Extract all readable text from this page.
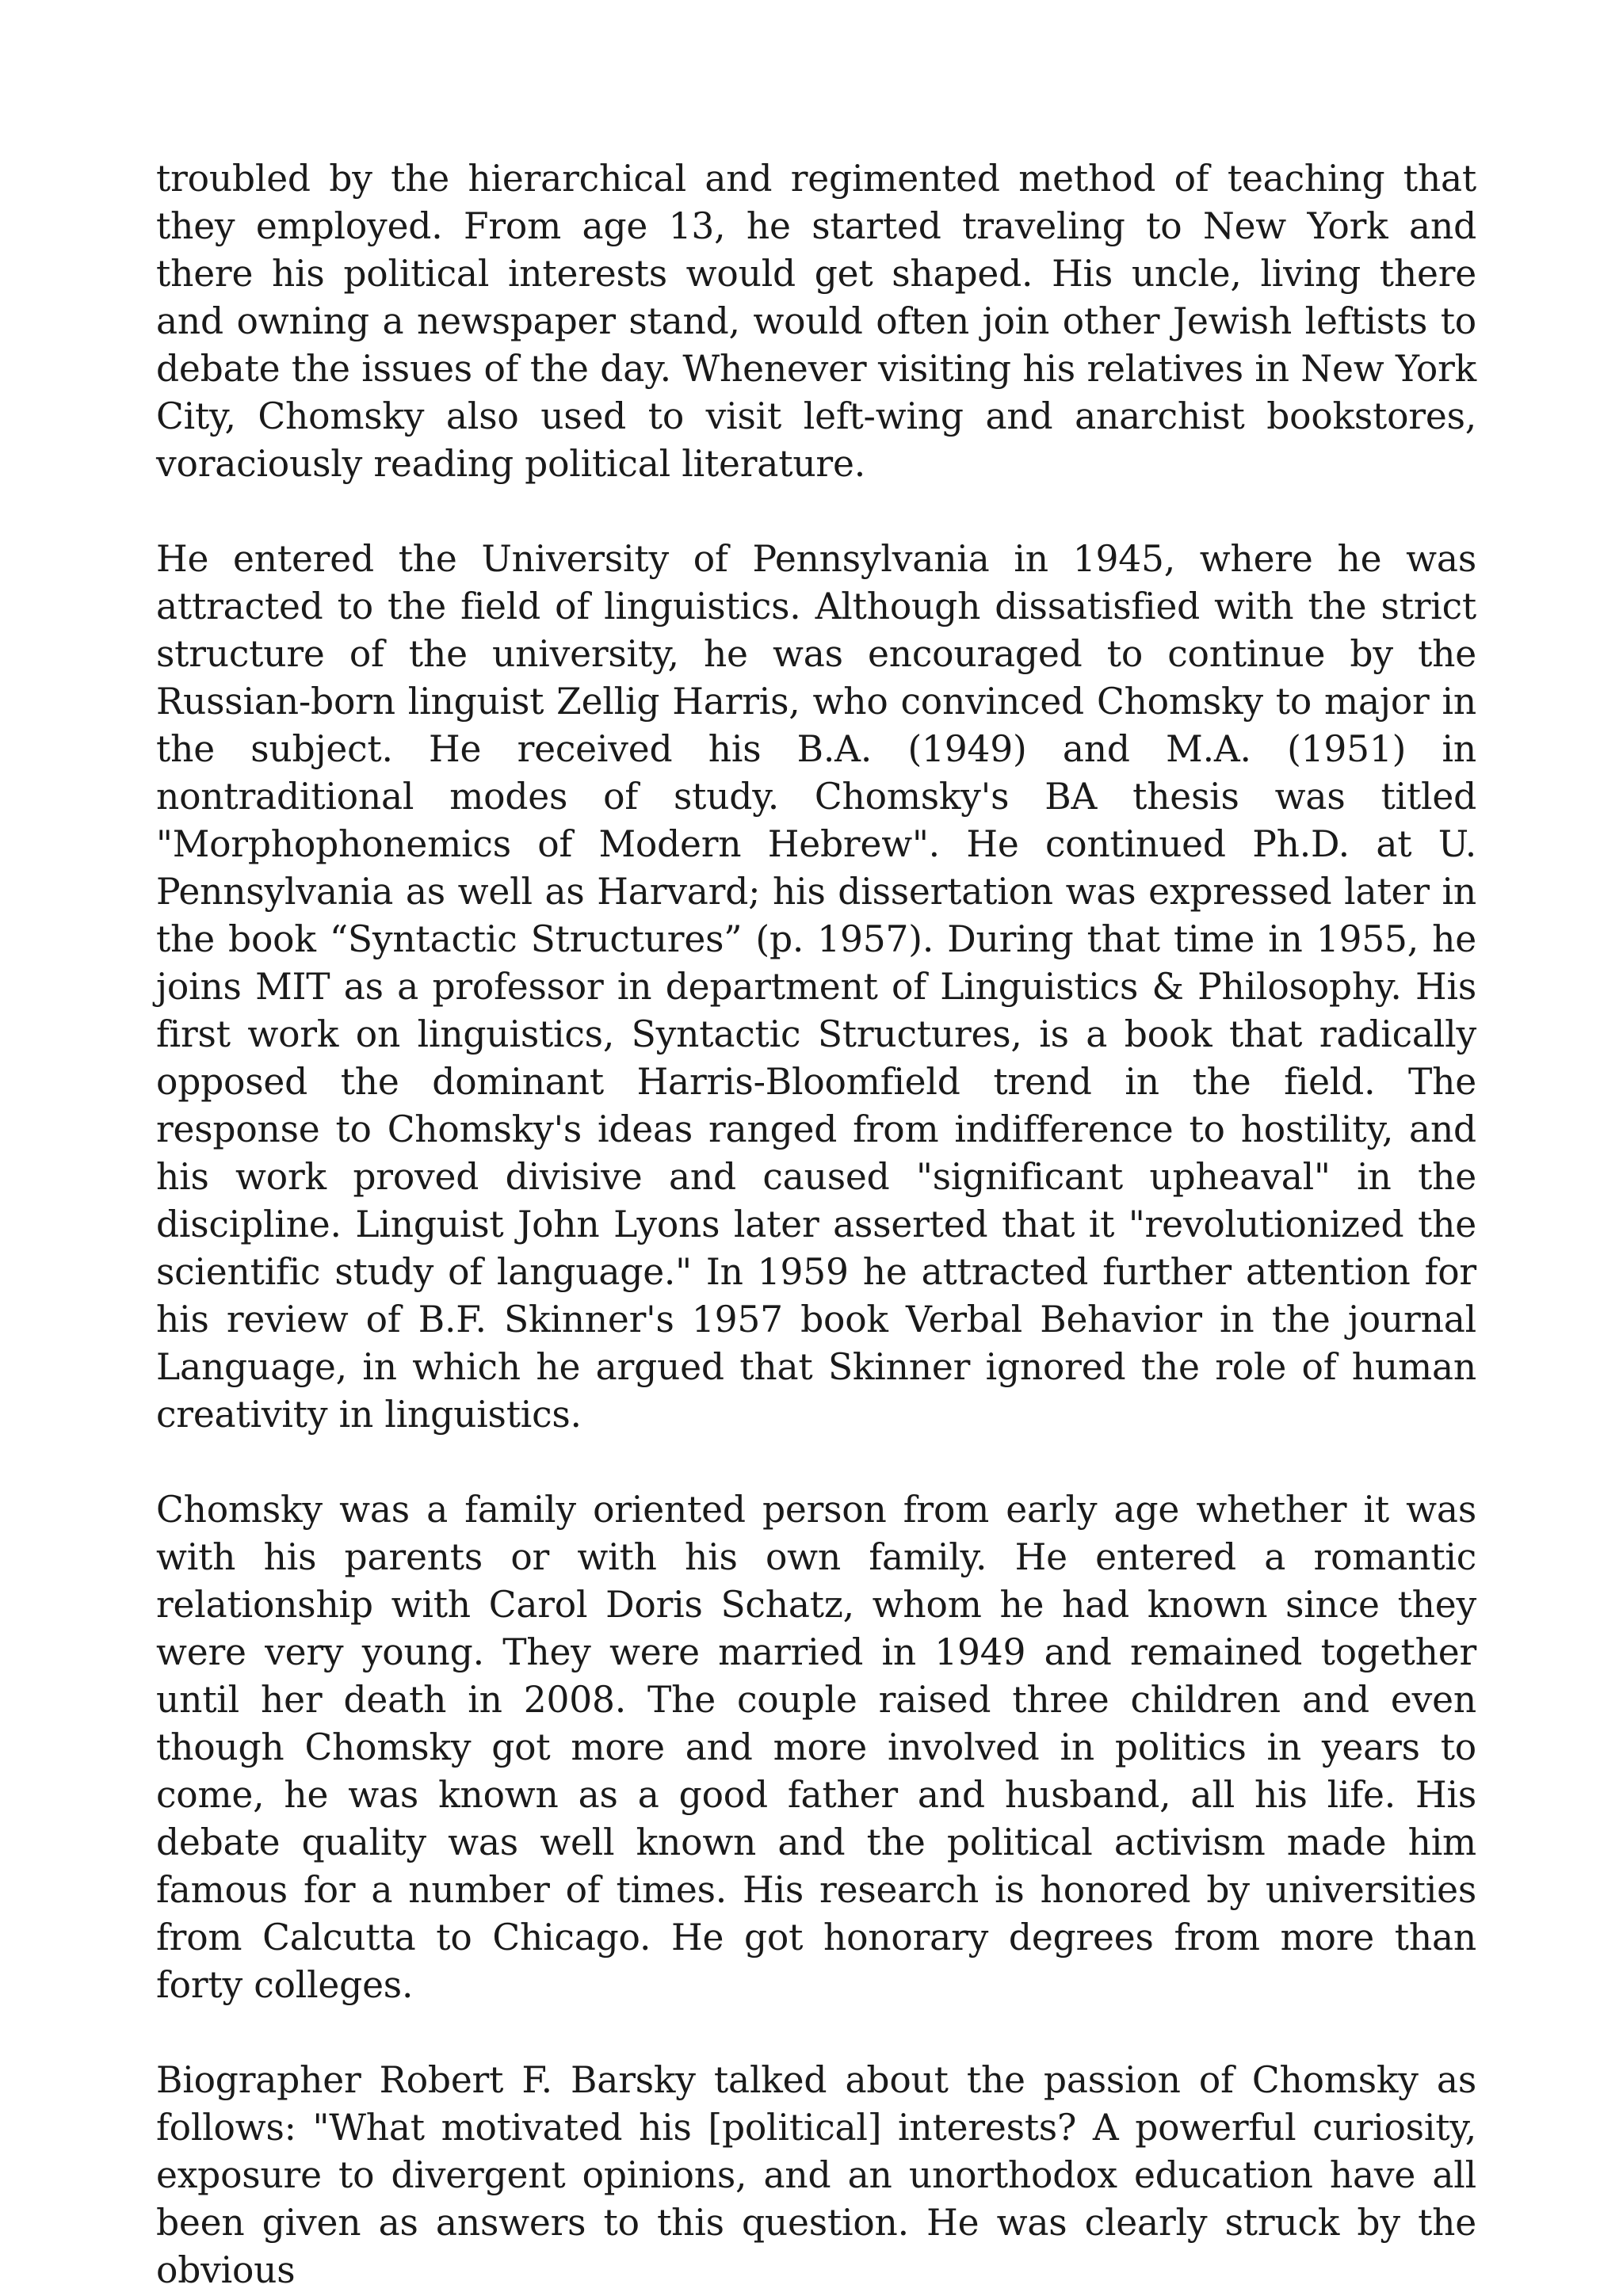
troubled by the hierarchical and regimented method of teaching that they employed. From age 13, he started traveling to New York and there his political interests would get shaped. His uncle, living there and owning a newspaper stand, would often join other Jewish leftists to debate the issues of the day. Whenever visiting his relatives in New York City, Chomsky also used to visit left-wing and anarchist bookstores, voraciously reading political literature.

He entered the University of Pennsylvania in 1945, where he was attracted to the field of linguistics. Although dissatisfied with the strict structure of the university, he was encouraged to continue by the Russian-born linguist Zellig Harris, who convinced Chomsky to major in the subject. He received his B.A. (1949) and M.A. (1951) in nontraditional modes of study. Chomsky's BA thesis was titled "Morphophonemics of Modern Hebrew". He continued Ph.D. at U. Pennsylvania as well as Harvard; his dissertation was expressed later in the book “Syntactic Structures” (p. 1957). During that time in 1955, he joins MIT as a professor in department of Linguistics & Philosophy. His first work on linguistics, Syntactic Structures, is a book that radically opposed the dominant Harris-Bloomfield trend in the field. The response to Chomsky's ideas ranged from indifference to hostility, and his work proved divisive and caused "significant upheaval" in the discipline. Linguist John Lyons later asserted that it "revolutionized the scientific study of language." In 1959 he attracted further attention for his review of B.F. Skinner's 1957 book Verbal Behavior in the journal Language, in which he argued that Skinner ignored the role of human creativity in linguistics.

Chomsky was a family oriented person from early age whether it was with his parents or with his own family. He entered a romantic relationship with Carol Doris Schatz, whom he had known since they were very young. They were married in 1949 and remained together until her death in 2008. The couple raised three children and even though Chomsky got more and more involved in politics in years to come, he was known as a good father and husband, all his life. His debate quality was well known and the political activism made him famous for a number of times. His research is honored by universities from Calcutta to Chicago. He got honorary degrees from more than forty colleges.

Biographer Robert F. Barsky talked about the passion of Chomsky as follows: "What motivated his [political] interests? A powerful curiosity, exposure to divergent opinions, and an unorthodox education have all been given as answers to this question. He was clearly struck by the obvious
